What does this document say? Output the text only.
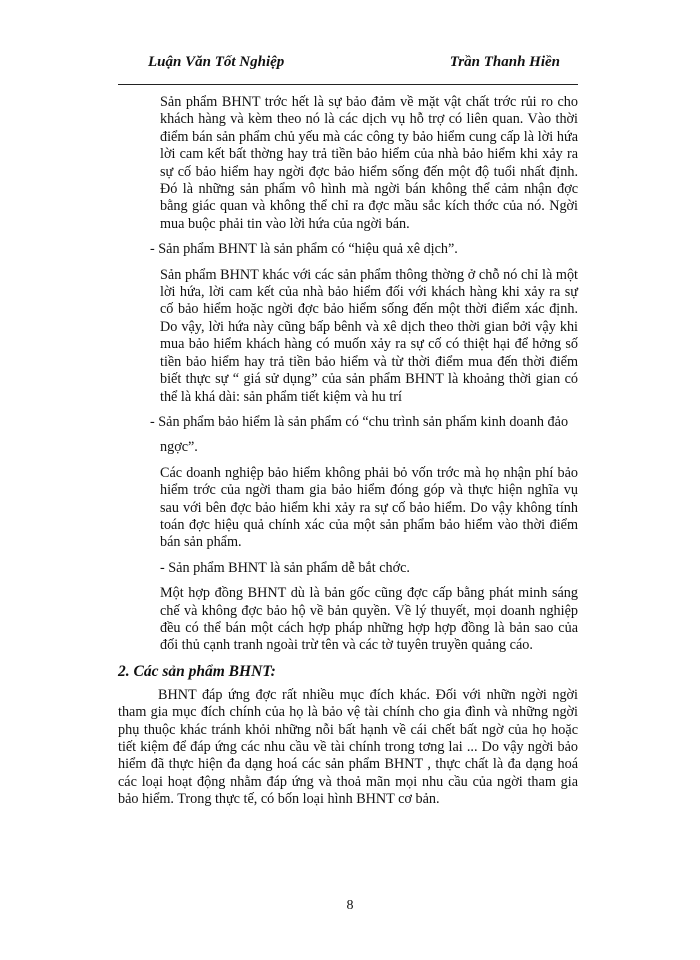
Luận Văn Tốt Nghiệp	Trần Thanh Hiền

Sản phẩm BHNT trớc hết là sự bảo đảm về mặt vật chất trớc rủi ro cho khách hàng và kèm theo nó là các dịch vụ hỗ trợ có liên quan. Vào thời điểm bán sản phẩm chủ yếu mà các công ty bảo hiểm cung cấp là lời hứa lời cam kết bất thờng hay trả tiền bảo hiểm của nhà bảo hiểm khi xảy ra sự cố bảo hiểm hay ngời đợc bảo hiểm sống đến một độ tuổi nhất định. Đó là những sản phẩm vô hình mà ngời bán không thể cảm nhận đợc bằng giác quan và không thể chỉ ra đợc mầu sắc kích thớc của nó. Ngời mua buộc phải tin vào lời hứa của ngời bán.

- Sản phẩm BHNT là sản phẩm có “hiệu quả xê dịch”.

Sản phẩm BHNT khác với các sản phẩm thông thờng ở chỗ nó chỉ là một lời hứa, lời cam kết của nhà bảo hiểm đối với khách hàng khi xảy ra sự cố bảo hiểm hoặc ngời đợc bảo hiểm sống đến một thời điểm xác định. Do vậy, lời hứa này cũng bấp bênh và xê dịch theo thời gian bởi vậy khi mua bảo hiểm khách hàng có muốn xảy ra sự cố có thiệt hại để hởng số tiền bảo hiểm hay trả tiền bảo hiểm và từ thời điểm mua đến thời điểm biết thực sự “ giá sử dụng” của sản phẩm BHNT là khoảng thời gian có thể là khá dài: sản phẩm tiết kiệm và hu trí

- Sản phẩm bảo hiểm là sản phẩm có “chu trình sản phẩm kinh doanh đảo

ngợc”.

Các doanh nghiệp bảo hiểm không phải bỏ vốn trớc mà họ nhận phí bảo hiểm trớc của ngời tham gia bảo hiểm đóng góp và thực hiện nghĩa vụ sau với bên đợc bảo hiểm khi xảy ra sự cố bảo hiểm. Do vậy không tính toán đợc hiệu quả chính xác của một sản phẩm bảo hiểm vào thời điểm bán sản phẩm.

- Sản phẩm BHNT là sản phẩm dễ bắt chớc.

Một hợp đồng BHNT dù là bản gốc cũng đợc cấp bằng phát minh sáng chế và không đợc bảo hộ về bản quyền. Về lý thuyết, mọi doanh nghiệp đều có thể bán một cách hợp pháp những hợp hợp đồng là bản sao của đối thủ cạnh tranh ngoài trừ tên và các tờ tuyên truyền quảng cáo.

2. Các sản phẩm BHNT:

BHNT đáp ứng đợc rất nhiều mục đích khác. Đối với nhữn ngời ngời tham gia mục đích chính của họ là bảo vệ tài chính cho gia đình và những ngời phụ thuộc khác tránh khỏi những nỗi bất hạnh về cái chết bất ngờ của họ hoặc tiết kiệm để đáp ứng các nhu cầu về tài chính trong tơng lai ... Do vậy ngời bảo hiểm đã thực hiện đa dạng hoá các sản phẩm BHNT , thực chất là đa dạng hoá các loại hoạt động nhằm đáp ứng và thoả mãn mọi nhu cầu của ngời tham gia bảo hiểm. Trong thực tế, có bốn loại hình BHNT cơ bản.

8
